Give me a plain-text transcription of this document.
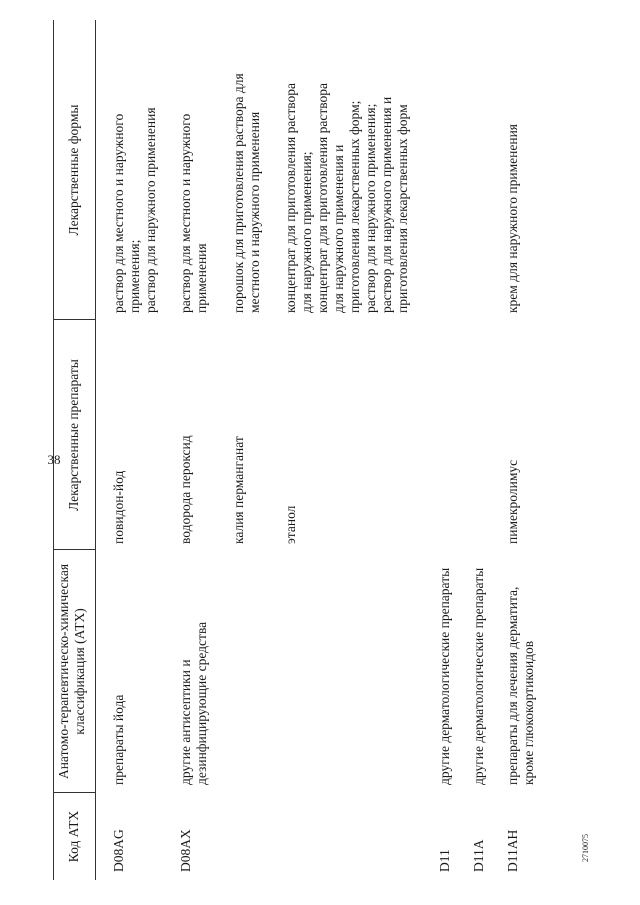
38
Код АТХ
Анатомо-терапевтическо-химическая классификация (АТХ)
Лекарственные препараты
Лекарственные формы
D08AG
препараты йода
повидон-йод
раствор для местного и наружного применения; раствор для наружного применения
D08AX
другие антисептики и дезинфицирующие средства
водорода пероксид
раствор для местного и наружного применения
калия перманганат
порошок для приготовления раствора для местного и наружного применения
этанол
концентрат для приготовления раствора для наружного применения; концентрат для приготовления раствора для наружного применения и приготовления лекарственных форм; раствор для наружного применения; раствор для наружного применения и приготовления лекарственных форм
D11
другие дерматологические препараты
D11A
другие дерматологические препараты
D11AH
препараты для лечения дерматита, кроме глюкокортикоидов
пимекролимус
крем для наружного применения
2710075
